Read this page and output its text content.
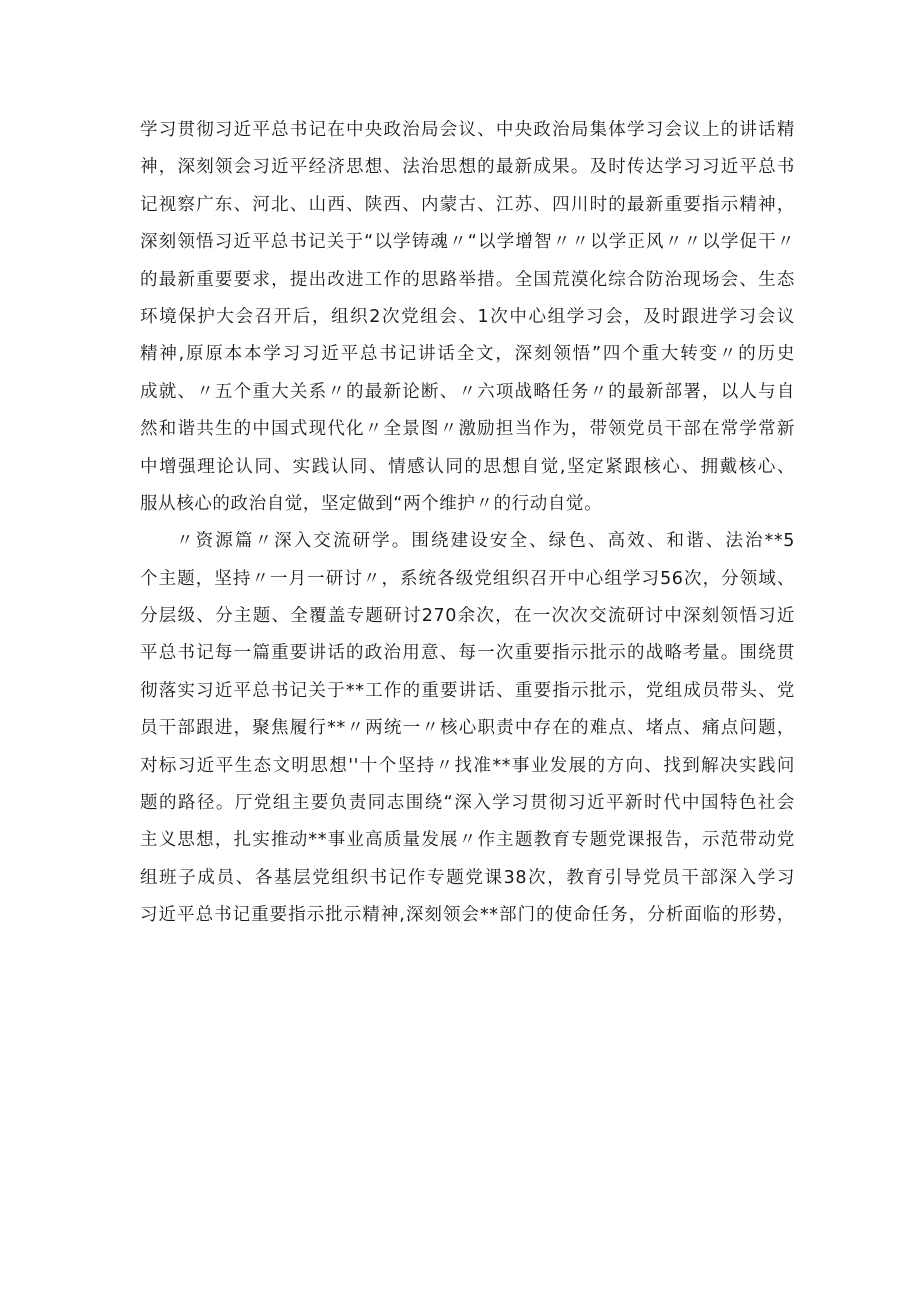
学习贯彻习近平总书记在中央政治局会议、中央政治局集体学习会议上的讲话精
神，深刻领会习近平经济思想、法治思想的最新成果。及时传达学习习近平总书
记视察广东、河北、山西、陕西、内蒙古、江苏、四川时的最新重要指示精神，
深刻领悟习近平总书记关于“以学铸魂〃“以学增智〃〃以学正风〃〃以学促干〃
的最新重要要求，提出改进工作的思路举措。全国荒漠化综合防治现场会、生态
环境保护大会召开后，组织2次党组会、1次中心组学习会，及时跟进学习会议
精神,原原本本学习习近平总书记讲话全文，深刻领悟”四个重大转变〃的历史
成就、〃五个重大关系〃的最新论断、〃六项战略任务〃的最新部署，以人与自
然和谐共生的中国式现代化〃全景图〃激励担当作为，带领党员干部在常学常新
中增强理论认同、实践认同、情感认同的思想自觉,坚定紧跟核心、拥戴核心、
服从核心的政治自觉，坚定做到“两个维护〃的行动自觉。
〃资源篇〃深入交流研学。围绕建设安全、绿色、高效、和谐、法治**5
个主题，坚持〃一月一研讨〃，系统各级党组织召开中心组学习56次，分领域、
分层级、分主题、全覆盖专题研讨270余次，在一次次交流研讨中深刻领悟习近
平总书记每一篇重要讲话的政治用意、每一次重要指示批示的战略考量。围绕贯
彻落实习近平总书记关于**工作的重要讲话、重要指示批示，党组成员带头、党
员干部跟进，聚焦履行**〃两统一〃核心职责中存在的难点、堵点、痛点问题，
对标习近平生态文明思想''十个坚持〃找准**事业发展的方向、找到解决实践问
题的路径。厅党组主要负责同志围绕“深入学习贯彻习近平新时代中国特色社会
主义思想，扎实推动**事业高质量发展〃作主题教育专题党课报告，示范带动党
组班子成员、各基层党组织书记作专题党课38次，教育引导党员干部深入学习
习近平总书记重要指示批示精神,深刻领会**部门的使命任务，分析面临的形势，
